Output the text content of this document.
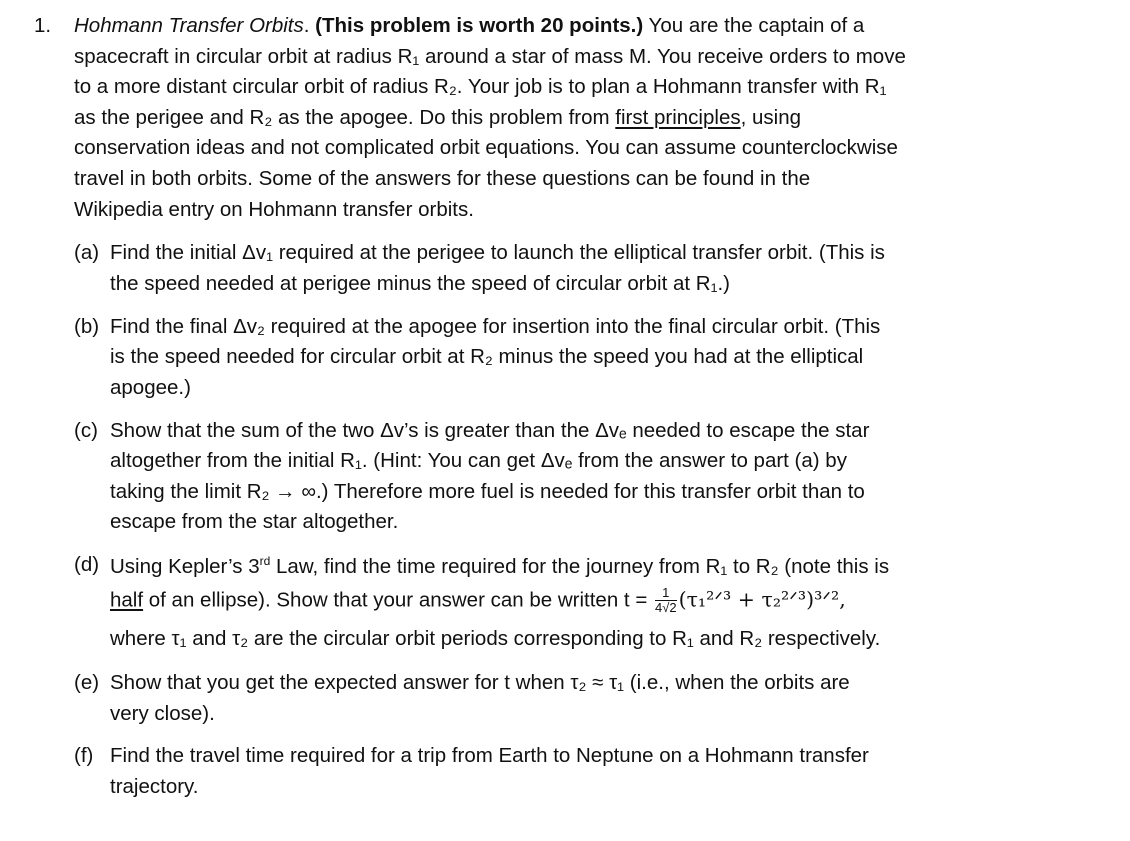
1. Hohmann Transfer Orbits. (This problem is worth 20 points.) You are the captain of a
spacecraft in circular orbit at radius R₁ around a star of mass M. You receive orders to move
to a more distant circular orbit of radius R₂. Your job is to plan a Hohmann transfer with R₁
as the perigee and R₂ as the apogee. Do this problem from first principles, using
conservation ideas and not complicated orbit equations. You can assume counterclockwise
travel in both orbits. Some of the answers for these questions can be found in the
Wikipedia entry on Hohmann transfer orbits.
(a) Find the initial Δv₁ required at the perigee to launch the elliptical transfer orbit. (This is
the speed needed at perigee minus the speed of circular orbit at R₁.)
(b) Find the final Δv₂ required at the apogee for insertion into the final circular orbit. (This
is the speed needed for circular orbit at R₂ minus the speed you had at the elliptical
apogee.)
(c) Show that the sum of the two Δv’s is greater than the Δvₑ needed to escape the star
altogether from the initial R₁. (Hint: You can get Δvₑ from the answer to part (a) by
taking the limit R₂ → ∞.) Therefore more fuel is needed for this transfer orbit than to
escape from the star altogether.
(d) Using Kepler’s 3rd Law, find the time required for the journey from R₁ to R₂ (note this is
half of an ellipse). Show that your answer can be written $t = \frac{1}{4√2}$ (τ₁²ᐟ³ + τ₂²ᐟ³)³ᐟ²,
where τ₁ and τ₂ are the circular orbit periods corresponding to R₁ and R₂ respectively.
(e) Show that you get the expected answer for t when τ₂ ≈ τ₁ (i.e., when the orbits are
very close).
(f) Find the travel time required for a trip from Earth to Neptune on a Hohmann transfer
trajectory.
